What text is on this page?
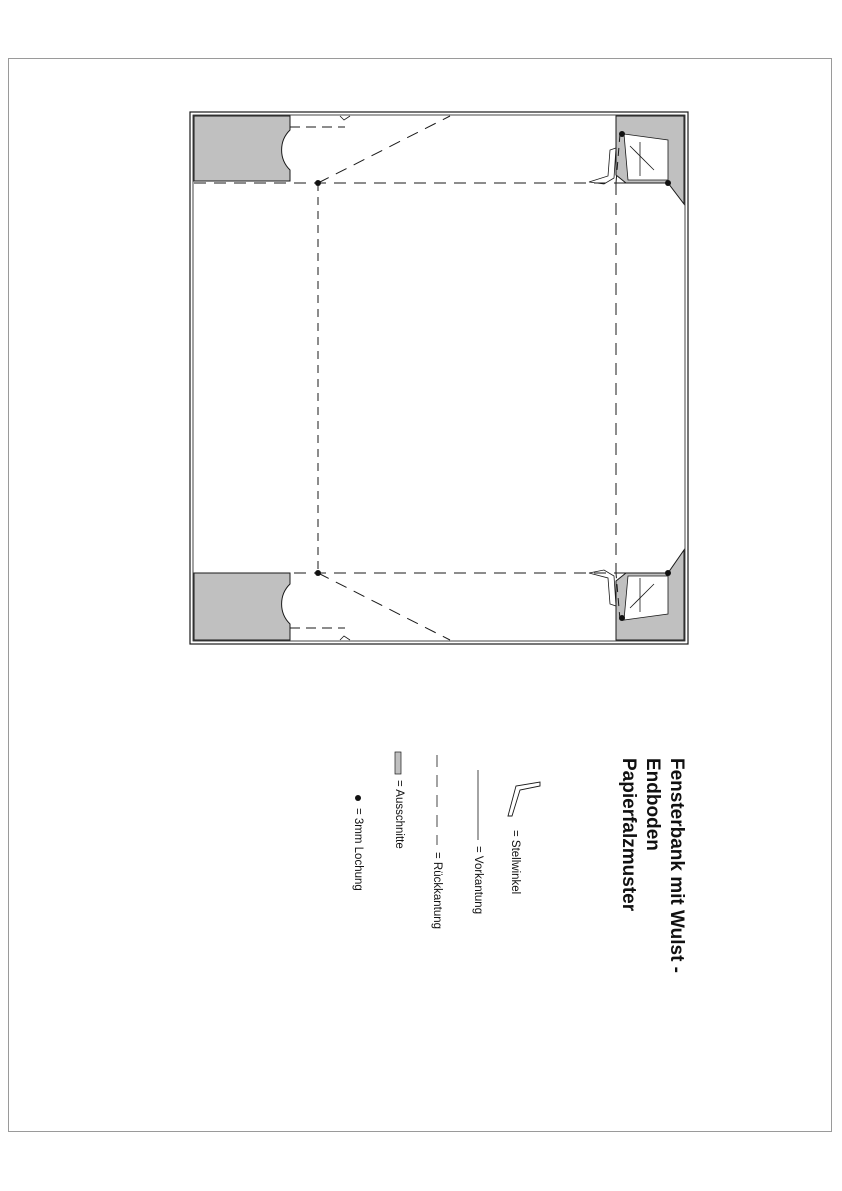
Fensterbank mit Wulst -
Endboden
Papierfalzmuster
= Stellwinkel
= Vorkantung
= Rückkantung
= Ausschnitte
= 3mm Lochung
